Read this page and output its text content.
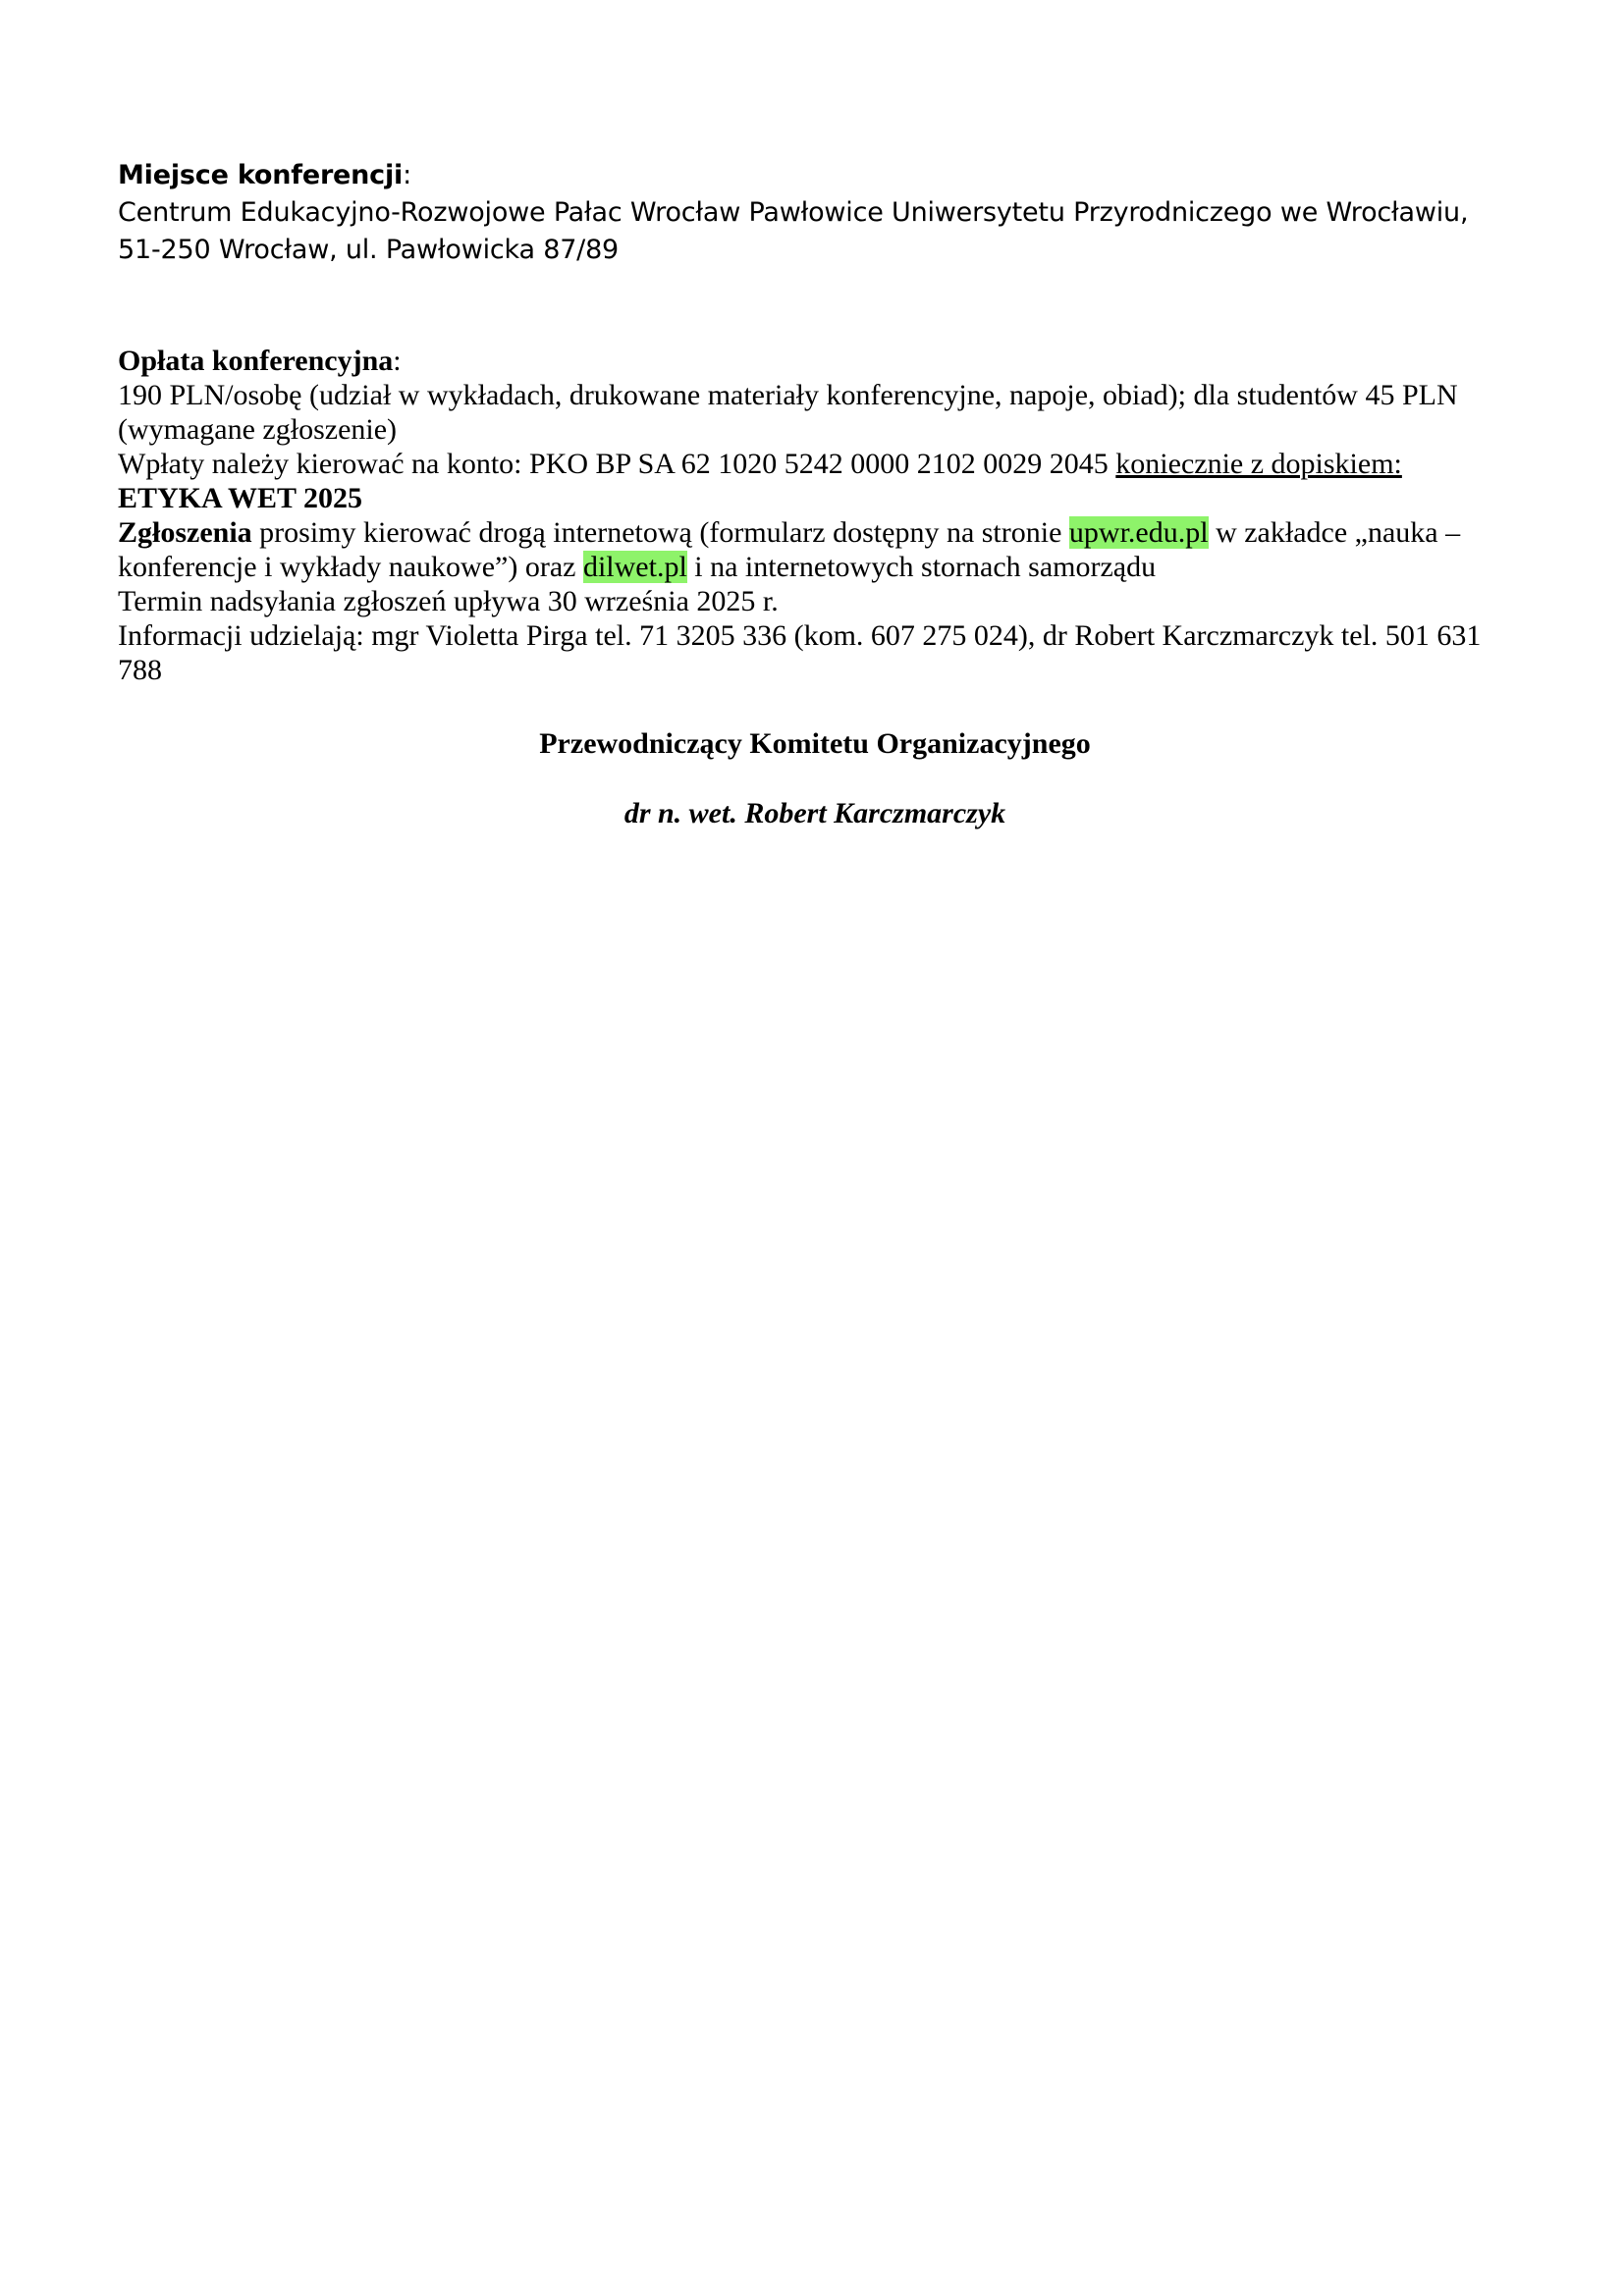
Miejsce konferencji:

Centrum Edukacyjno-Rozwojowe Pałac Wrocław Pawłowice Uniwersytetu Przyrodniczego we Wrocławiu,

51-250 Wrocław, ul. Pawłowicka 87/89

Opłata konferencyjna:

190 PLN/osobę (udział w wykładach, drukowane materiały konferencyjne, napoje, obiad); dla studentów 45 PLN

(wymagane zgłoszenie)

Wpłaty należy kierować na konto: PKO BP SA 62 1020 5242 0000 2102 0029 2045 koniecznie z dopiskiem:

ETYKA WET 2025

Zgłoszenia prosimy kierować drogą internetową (formularz dostępny na stronie upwr.edu.pl w zakładce „nauka –

konferencje i wykłady naukowe”) oraz dilwet.pl i na internetowych stornach samorządu

Termin nadsyłania zgłoszeń upływa 30 września 2025 r.

Informacji udzielają: mgr Violetta Pirga tel. 71 3205 336 (kom. 607 275 024), dr Robert Karczmarczyk tel. 501 631

788

Przewodniczący Komitetu Organizacyjnego

dr n. wet. Robert Karczmarczyk
